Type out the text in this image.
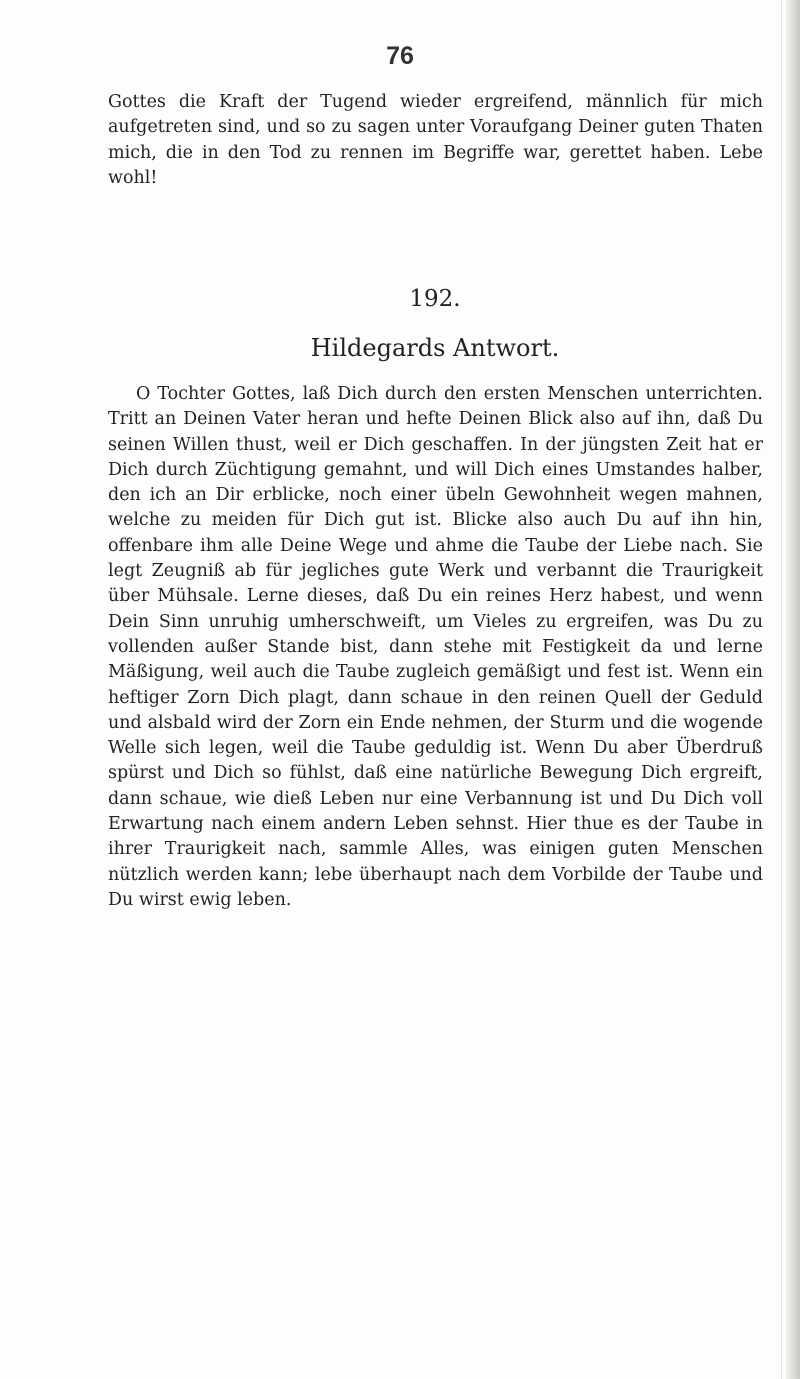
76

Gottes die Kraft der Tugend wieder ergreifend, männlich für mich aufgetreten sind, und so zu sagen unter Voraufgang Deiner guten Thaten mich, die in den Tod zu rennen im Begriffe war, gerettet haben. Lebe wohl!

192.
Hildegards Antwort.

O Tochter Gottes, laß Dich durch den ersten Menschen unterrichten. Tritt an Deinen Vater heran und hefte Deinen Blick also auf ihn, daß Du seinen Willen thust, weil er Dich geschaffen. In der jüngsten Zeit hat er Dich durch Züchtigung gemahnt, und will Dich eines Umstandes halber, den ich an Dir erblicke, noch einer übeln Gewohnheit wegen mahnen, welche zu meiden für Dich gut ist. Blicke also auch Du auf ihn hin, offenbare ihm alle Deine Wege und ahme die Taube der Liebe nach. Sie legt Zeugniß ab für jegliches gute Werk und verbannt die Traurigkeit über Mühsale. Lerne dieses, daß Du ein reines Herz habest, und wenn Dein Sinn unruhig umherschweift, um Vieles zu ergreifen, was Du zu vollenden außer Stande bist, dann stehe mit Festigkeit da und lerne Mäßigung, weil auch die Taube zugleich gemäßigt und fest ist. Wenn ein heftiger Zorn Dich plagt, dann schaue in den reinen Quell der Geduld und alsbald wird der Zorn ein Ende nehmen, der Sturm und die wogende Welle sich legen, weil die Taube geduldig ist. Wenn Du aber Überdruß spürst und Dich so fühlst, daß eine natürliche Bewegung Dich ergreift, dann schaue, wie dieß Leben nur eine Verbannung ist und Du Dich voll Erwartung nach einem andern Leben sehnst. Hier thue es der Taube in ihrer Traurigkeit nach, sammle Alles, was einigen guten Menschen nützlich werden kann; lebe überhaupt nach dem Vorbilde der Taube und Du wirst ewig leben.
